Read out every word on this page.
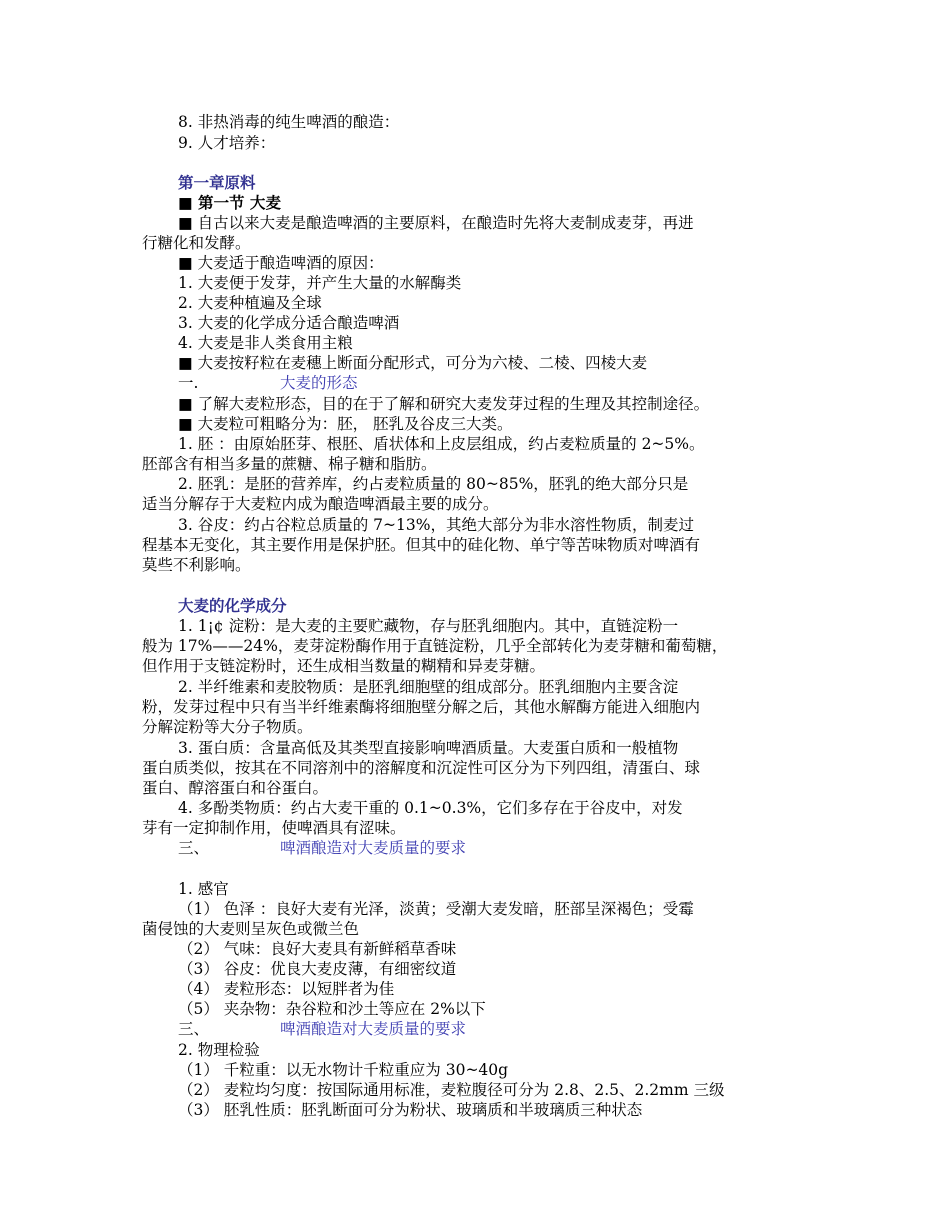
8. 非热消毒的纯生啤酒的酿造：
9. 人才培养：
第一章原料
■ 第一节 大麦
■ 自古以来大麦是酿造啤酒的主要原料，在酿造时先将大麦制成麦芽，再进
行糖化和发酵。
■ 大麦适于酿造啤酒的原因：
1. 大麦便于发芽，并产生大量的水解酶类
2. 大麦种植遍及全球
3. 大麦的化学成分适合酿造啤酒
4. 大麦是非人类食用主粮
■ 大麦按籽粒在麦穗上断面分配形式，可分为六棱、二棱、四棱大麦
一.	大麦的形态
■ 了解大麦粒形态，目的在于了解和研究大麦发芽过程的生理及其控制途径。
■ 大麦粒可粗略分为：胚， 胚乳及谷皮三大类。
1. 胚 ：由原始胚芽、根胚、盾状体和上皮层组成，约占麦粒质量的 2~5%。
胚部含有相当多量的蔗糖、棉子糖和脂肪。
2. 胚乳：是胚的营养库，约占麦粒质量的 80~85%，胚乳的绝大部分只是
适当分解存于大麦粒内成为酿造啤酒最主要的成分。
3. 谷皮：约占谷粒总质量的 7~13%，其绝大部分为非水溶性物质，制麦过
程基本无变化，其主要作用是保护胚。但其中的硅化物、单宁等苦味物质对啤酒有
莫些不利影响。
大麦的化学成分
1. 1¡¢ 淀粉：是大麦的主要贮藏物，存与胚乳细胞内。其中，直链淀粉一
般为 17%——24%，麦芽淀粉酶作用于直链淀粉，几乎全部转化为麦芽糖和葡萄糖，
但作用于支链淀粉时，还生成相当数量的糊精和异麦芽糖。
2. 半纤维素和麦胶物质：是胚乳细胞壁的组成部分。胚乳细胞内主要含淀
粉，发芽过程中只有当半纤维素酶将细胞壁分解之后，其他水解酶方能进入细胞内
分解淀粉等大分子物质。
3. 蛋白质：含量高低及其类型直接影响啤酒质量。大麦蛋白质和一般植物
蛋白质类似，按其在不同溶剂中的溶解度和沉淀性可区分为下列四组，清蛋白、球
蛋白、醇溶蛋白和谷蛋白。
4. 多酚类物质：约占大麦干重的 0.1~0.3%，它们多存在于谷皮中，对发
芽有一定抑制作用，使啤酒具有涩味。
三、	啤酒酿造对大麦质量的要求
1. 感官
（1） 色泽 ：良好大麦有光泽，淡黄；受潮大麦发暗，胚部呈深褐色；受霉
菌侵蚀的大麦则呈灰色或微兰色
（2） 气味：良好大麦具有新鲜稻草香味
（3） 谷皮：优良大麦皮薄，有细密纹道
（4） 麦粒形态：以短胖者为佳
（5） 夹杂物：杂谷粒和沙土等应在 2%以下
三、	啤酒酿造对大麦质量的要求
2. 物理检验
（1） 千粒重：以无水物计千粒重应为 30~40g
（2） 麦粒均匀度：按国际通用标准，麦粒腹径可分为 2.8、2.5、2.2mm 三级
（3） 胚乳性质：胚乳断面可分为粉状、玻璃质和半玻璃质三种状态
